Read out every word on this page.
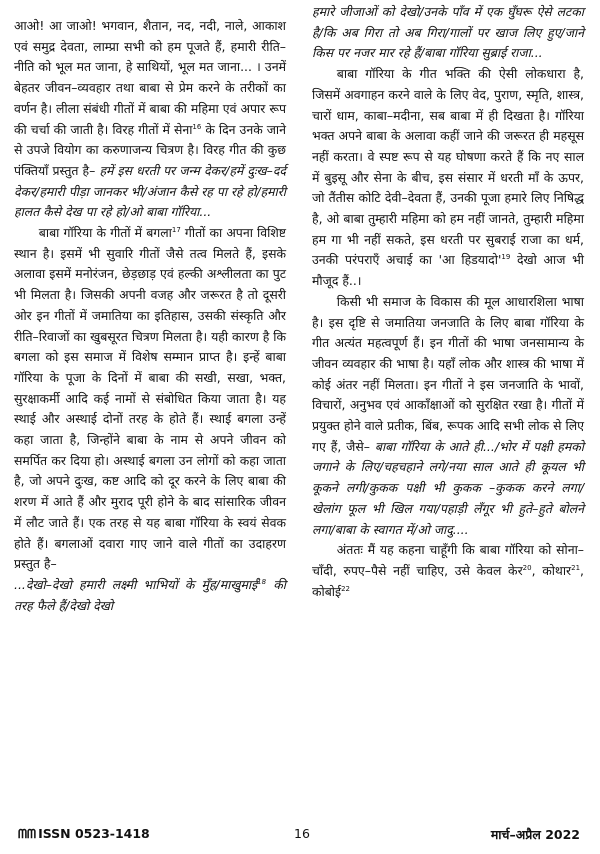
आओ! आ जाओ! भगवान, शैतान, नद, नदी, नाले, आकाश एवं समुद्र देवता, लाम्प्रा सभी को हम पूजते हैं, हमारी रीति–नीति को भूल मत जाना, हे साथियों, भूल मत जाना... । उनमें बेहतर जीवन–व्यवहार तथा बाबा से प्रेम करने के तरीकों का वर्णन है। लीला संबंधी गीतों में बाबा की महिमा एवं अपार रूप की चर्चा की जाती है। विरह गीतों में सेना$^{16}$ के दिन उनके जाने से उपजे वियोग का करुणाजन्य चित्रण है। विरह गीत की कुछ पंक्तियाँ प्रस्तुत है– हमें इस धरती पर जन्म देकर/हमें दुःख–दर्द देकर/हमारी पीड़ा जानकर भी/अंजान कैसे रह पा रहे हो/हमारी हालत कैसे देख पा रहे हो/ओ बाबा गॉरिया...

बाबा गॉरिया के गीतों में बगला$^{17}$ गीतों का अपना विशिष्ट स्थान है। इसमें भी सुवारि गीतों जैसे तत्व मिलते हैं, इसके अलावा इसमें मनोरंजन, छेड़छाड़ एवं हल्की अश्लीलता का पुट भी मिलता है। जिसकी अपनी वजह और जरूरत है तो दूसरी ओर इन गीतों में जमातिया का इतिहास, उसकी संस्कृति और रीति–रिवाजों का खुबसूरत चित्रण मिलता है। यही कारण है कि बगला को इस समाज में विशेष सम्मान प्राप्त है। इन्हें बाबा गॉरिया के पूजा के दिनों में बाबा की सखी, सखा, भक्त, सुरक्षाकर्मी आदि कई नामों से संबोधित किया जाता है। यह स्थाई और अस्थाई दोनों तरह के होते हैं। स्थाई बगला उन्हें कहा जाता है, जिन्होंने बाबा के नाम से अपने जीवन को समर्पित कर दिया हो। अस्थाई बगला उन लोगों को कहा जाता है, जो अपने दुःख, कष्ट आदि को दूर करने के लिए बाबा की शरण में आते हैं और मुराद पूरी होने के बाद सांसारिक जीवन में लौट जाते हैं। एक तरह से यह बाबा गॉरिया के स्वयं सेवक होते हैं। बगलाओं दवारा गाए जाने वाले गीतों का उदाहरण प्रस्तुत है–

...देखो–देखो हमारी लक्ष्मी भाभियों के मुँह/माखुमाई$^{18}$ की तरह फैले हैं/देखो देखो

हमारे जीजाओं को देखो/उनके पाँव में एक घुँघरू ऐसे लटका है/कि अब गिरा तो अब गिरा/गालों पर खाज लिए हुए/जाने किस पर नजर मार रहे हैं/बाबा गॉरिया सुब्राई राजा...

बाबा गॉरिया के गीत भक्ति की ऐसी लोकधारा है, जिसमें अवगाहन करने वाले के लिए वेद, पुराण, स्मृति, शास्त्र, चारों धाम, काबा–मदीना, सब बाबा में ही दिखता है। गॉरिया भक्त अपने बाबा के अलावा कहीं जाने की जरूरत ही महसूस नहीं करता। वे स्पष्ट रूप से यह घोषणा करते हैं कि नए साल में बुइसू और सेना के बीच, इस संसार में धरती माँ के ऊपर, जो तैंतीस कोटि देवी–देवता हैं, उनकी पूजा हमारे लिए निषिद्ध है, ओ बाबा तुम्हारी महिमा को हम नहीं जानते, तुम्हारी महिमा हम गा भी नहीं सकते, इस धरती पर सुबराई राजा का धर्म, उनकी परंपराएँ अचाई का 'आ $हिडयादो'^{19}$ देखो आज भी मौजूद हैं..।

किसी भी समाज के विकास की मूल आधारशिला भाषा है। इस दृष्टि से जमातिया जनजाति के लिए बाबा गॉरिया के गीत अत्यंत महत्वपूर्ण हैं। इन गीतों की भाषा जनसामान्य के जीवन व्यवहार की भाषा है। यहाँ लोक और शास्त्र की भाषा में कोई अंतर नहीं मिलता। इन गीतों ने इस जनजाति के भावों, विचारों, अनुभव एवं आकाँक्षाओं को सुरक्षित रखा है। गीतों में प्रयुक्त होने वाले प्रतीक, बिंब, रूपक आदि सभी लोक से लिए गए हैं, जैसे– बाबा गॉरिया के आते ही.../भोर में पक्षी हमको जगाने के लिए/चहचहाने लगे/नया साल आते ही कूयल भी कूकने लगी/कुकक पक्षी भी कुकक –कुकक करने लगा/खेलांग फूल भी खिल गया/पहाड़ी लँगूर भी हुते–हुते बोलने लगा/बाबा के स्वागत में/ओ जादु....

अंततः मैं यह कहना चाहूँगी कि बाबा गॉरिया को सोना–चाँदी, रुपए–पैसे नहीं चाहिए, उसे केवल केर$^{20}$, कोथार$^{21}$, कोबोई$^{22}$

ᗰᗰ ISSN 0523-1418	16	मार्च–अप्रैल 2022
